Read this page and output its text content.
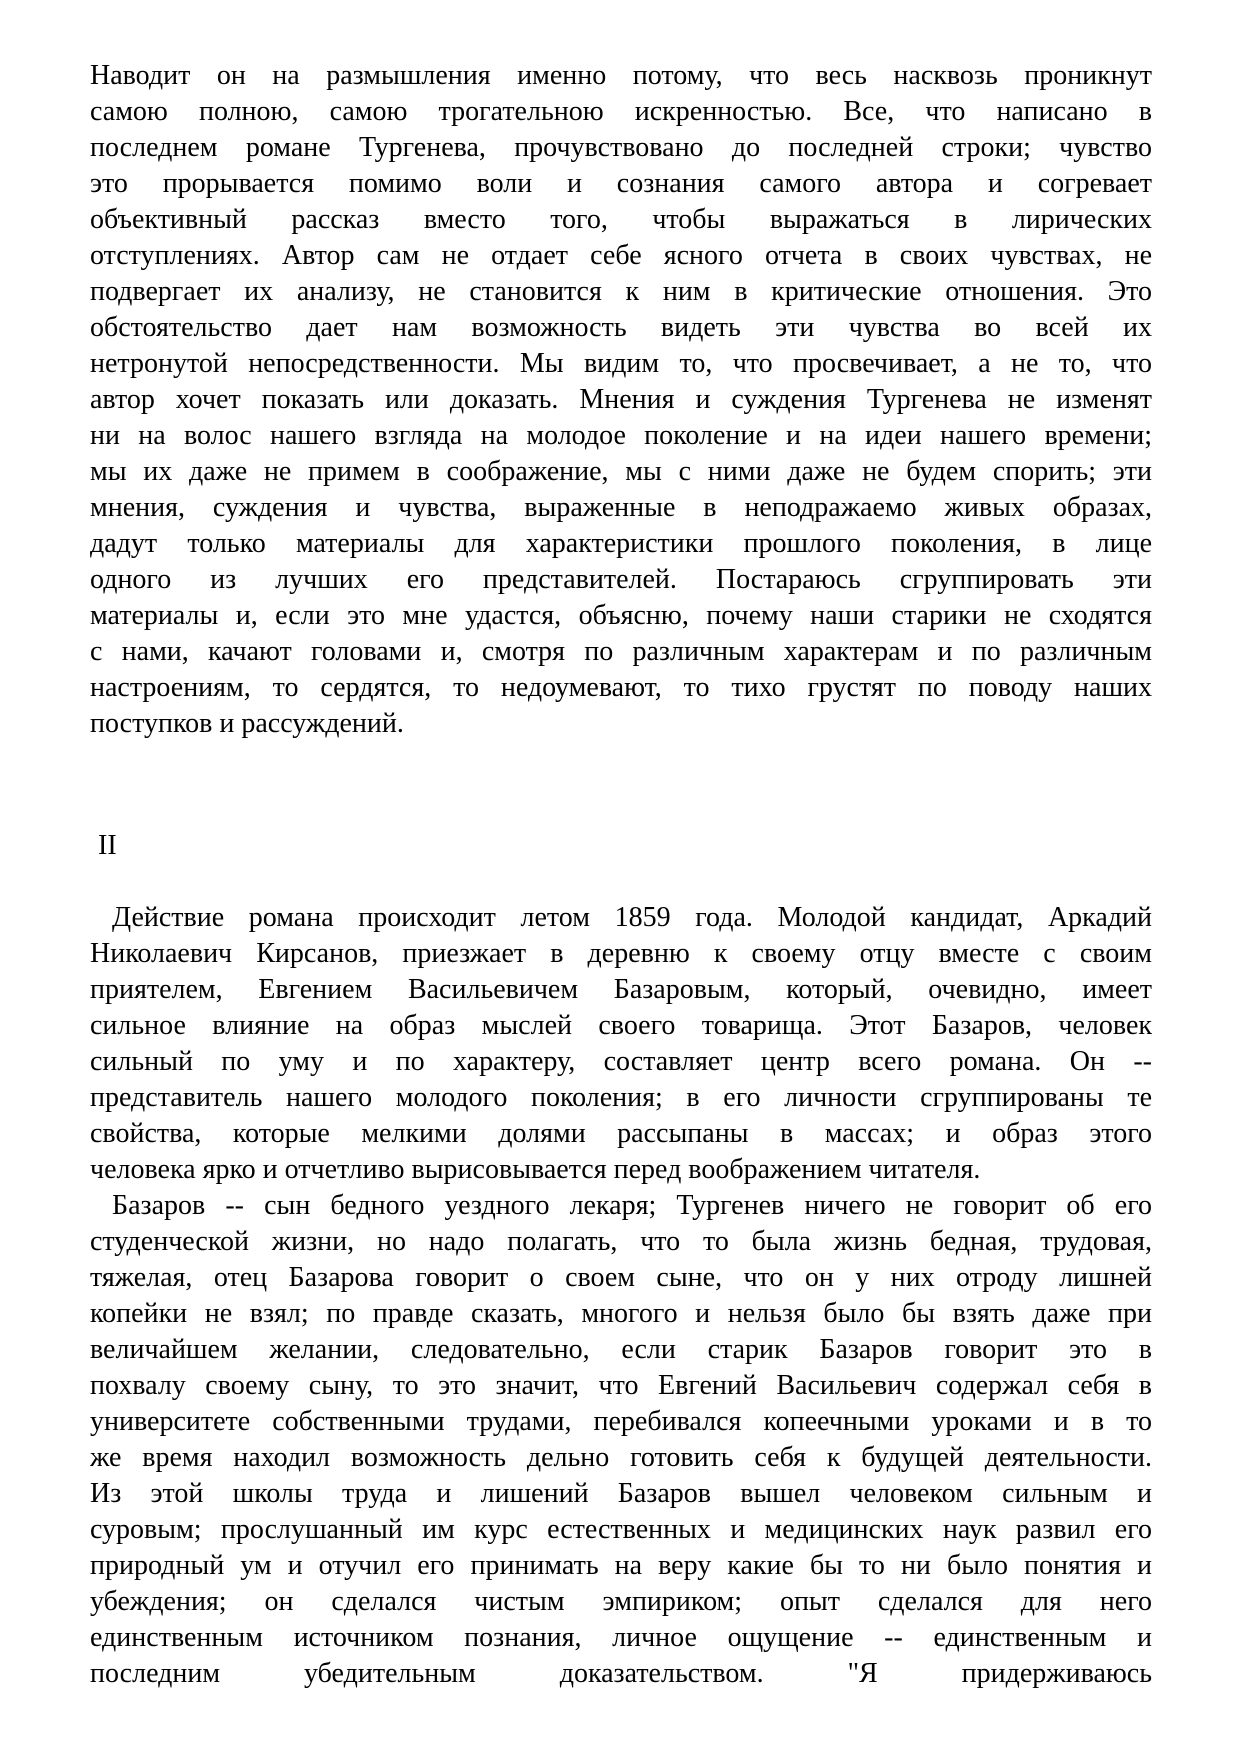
Наводит он на размышления именно потому, что весь насквозь проникнут
самою полною, самою трогательною искренностью. Все, что написано в
последнем романе Тургенева, прочувствовано до последней строки; чувство
это прорывается помимо воли и сознания самого автора и согревает
объективный рассказ вместо того, чтобы выражаться в лирических
отступлениях. Автор сам не отдает себе ясного отчета в своих чувствах, не
подвергает их анализу, не становится к ним в критические отношения. Это
обстоятельство дает нам возможность видеть эти чувства во всей их
нетронутой непосредственности. Мы видим то, что просвечивает, а не то, что
автор хочет показать или доказать. Мнения и суждения Тургенева не изменят
ни на волос нашего взгляда на молодое поколение и на идеи нашего времени;
мы их даже не примем в соображение, мы с ними даже не будем спорить; эти
мнения, суждения и чувства, выраженные в неподражаемо живых образах,
дадут только материалы для характеристики прошлого поколения, в лице
одного из лучших его представителей. Постараюсь сгруппировать эти
материалы и, если это мне удастся, объясню, почему наши старики не сходятся
с нами, качают головами и, смотря по различным характерам и по различным
настроениям, то сердятся, то недоумевают, то тихо грустят по поводу наших
поступков и рассуждений.
II
Действие романа происходит летом 1859 года. Молодой кандидат, Аркадий
Николаевич Кирсанов, приезжает в деревню к своему отцу вместе с своим
приятелем, Евгением Васильевичем Базаровым, который, очевидно, имеет
сильное влияние на образ мыслей своего товарища. Этот Базаров, человек
сильный по уму и по характеру, составляет центр всего романа. Он --
представитель нашего молодого поколения; в его личности сгруппированы те
свойства, которые мелкими долями рассыпаны в массах; и образ этого
человека ярко и отчетливо вырисовывается перед воображением читателя.
Базаров -- сын бедного уездного лекаря; Тургенев ничего не говорит об его
студенческой жизни, но надо полагать, что то была жизнь бедная, трудовая,
тяжелая, отец Базарова говорит о своем сыне, что он у них отроду лишней
копейки не взял; по правде сказать, многого и нельзя было бы взять даже при
величайшем желании, следовательно, если старик Базаров говорит это в
похвалу своему сыну, то это значит, что Евгений Васильевич содержал себя в
университете собственными трудами, перебивался копеечными уроками и в то
же время находил возможность дельно готовить себя к будущей деятельности.
Из этой школы труда и лишений Базаров вышел человеком сильным и
суровым; прослушанный им курс естественных и медицинских наук развил его
природный ум и отучил его принимать на веру какие бы то ни было понятия и
убеждения; он сделался чистым эмпириком; опыт сделался для него
единственным источником познания, личное ощущение -- единственным и
последним убедительным доказательством. "Я придерживаюсь
